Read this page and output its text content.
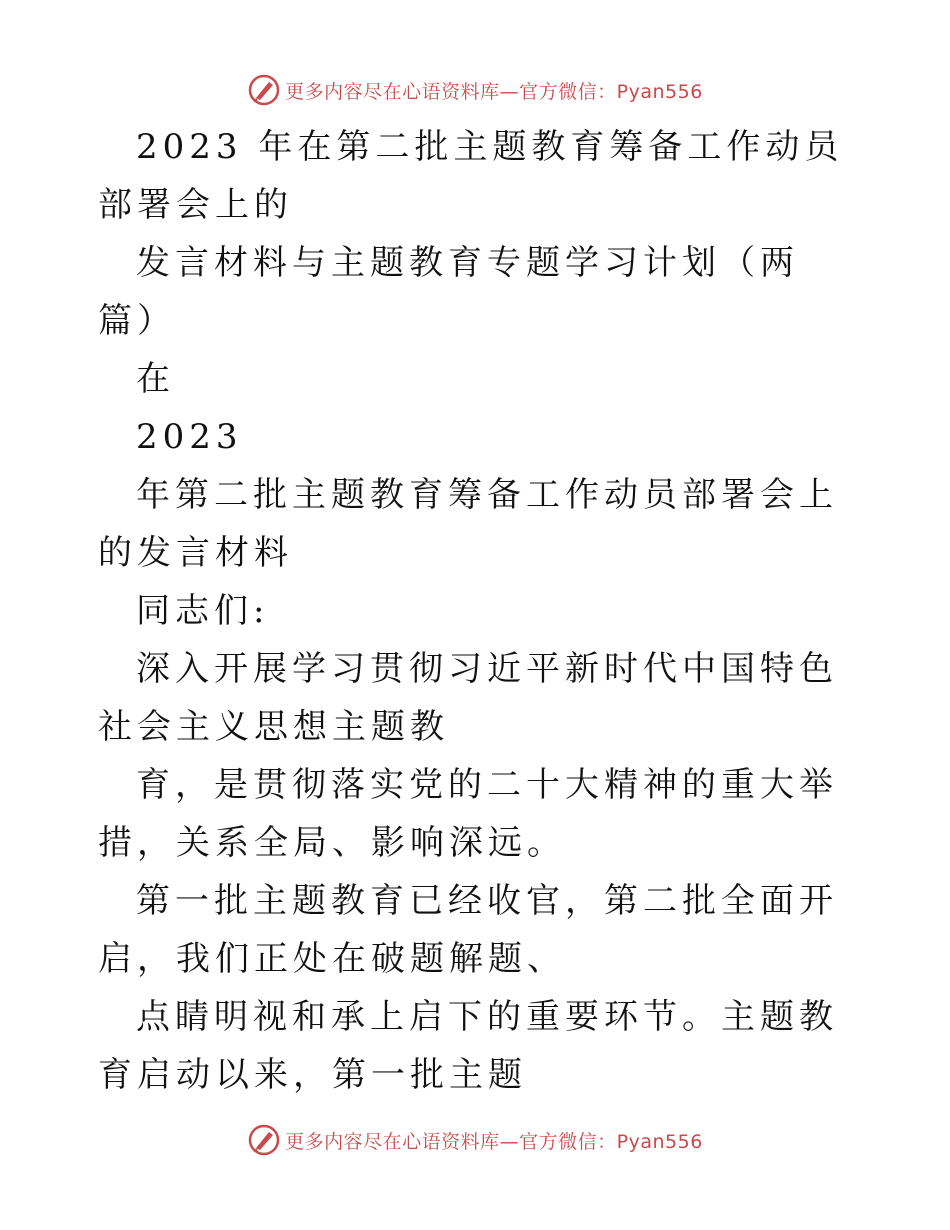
更多内容尽在心语资料库—官方微信：Pyan556

2023 年在第二批主题教育筹备工作动员部署会上的

发言材料与主题教育专题学习计划（两篇）

在

2023

年第二批主题教育筹备工作动员部署会上的发言材料

同志们:

深入开展学习贯彻习近平新时代中国特色社会主义思想主题教

育，是贯彻落实党的二十大精神的重大举措，关系全局、影响深远。

第一批主题教育已经收官，第二批全面开启，我们正处在破题解题、

点睛明视和承上启下的重要环节。主题教育启动以来，第一批主题

更多内容尽在心语资料库—官方微信：Pyan556
